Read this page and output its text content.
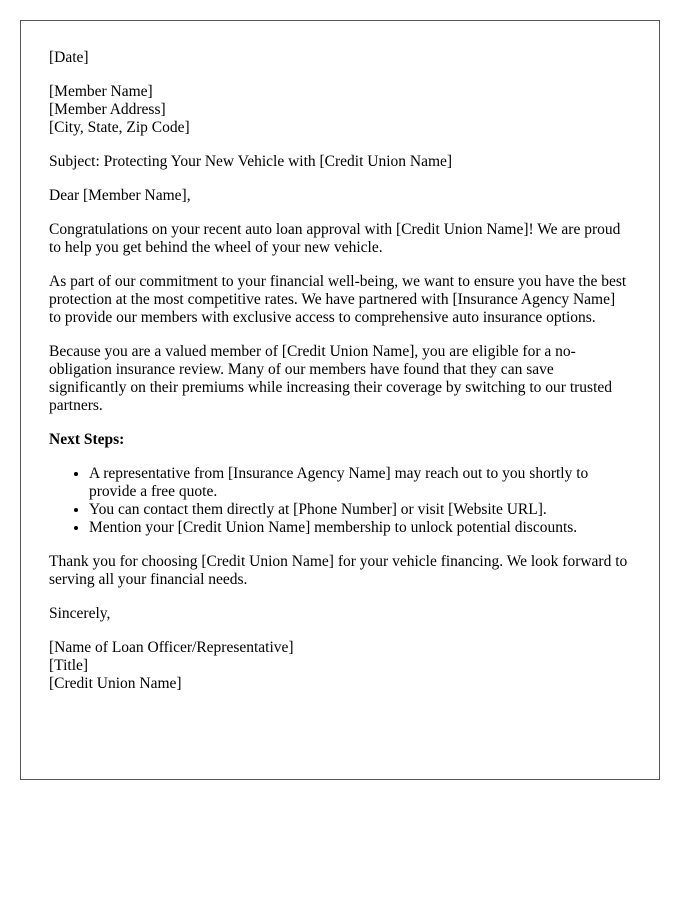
[Date]

[Member Name]
[Member Address]
[City, State, Zip Code]

Subject: Protecting Your New Vehicle with [Credit Union Name]

Dear [Member Name],

Congratulations on your recent auto loan approval with [Credit Union Name]! We are proud to help you get behind the wheel of your new vehicle.

As part of our commitment to your financial well-being, we want to ensure you have the best protection at the most competitive rates. We have partnered with [Insurance Agency Name] to provide our members with exclusive access to comprehensive auto insurance options.

Because you are a valued member of [Credit Union Name], you are eligible for a no-obligation insurance review. Many of our members have found that they can save significantly on their premiums while increasing their coverage by switching to our trusted partners.

Next Steps:

• A representative from [Insurance Agency Name] may reach out to you shortly to provide a free quote.
• You can contact them directly at [Phone Number] or visit [Website URL].
• Mention your [Credit Union Name] membership to unlock potential discounts.

Thank you for choosing [Credit Union Name] for your vehicle financing. We look forward to serving all your financial needs.

Sincerely,

[Name of Loan Officer/Representative]
[Title]
[Credit Union Name]
